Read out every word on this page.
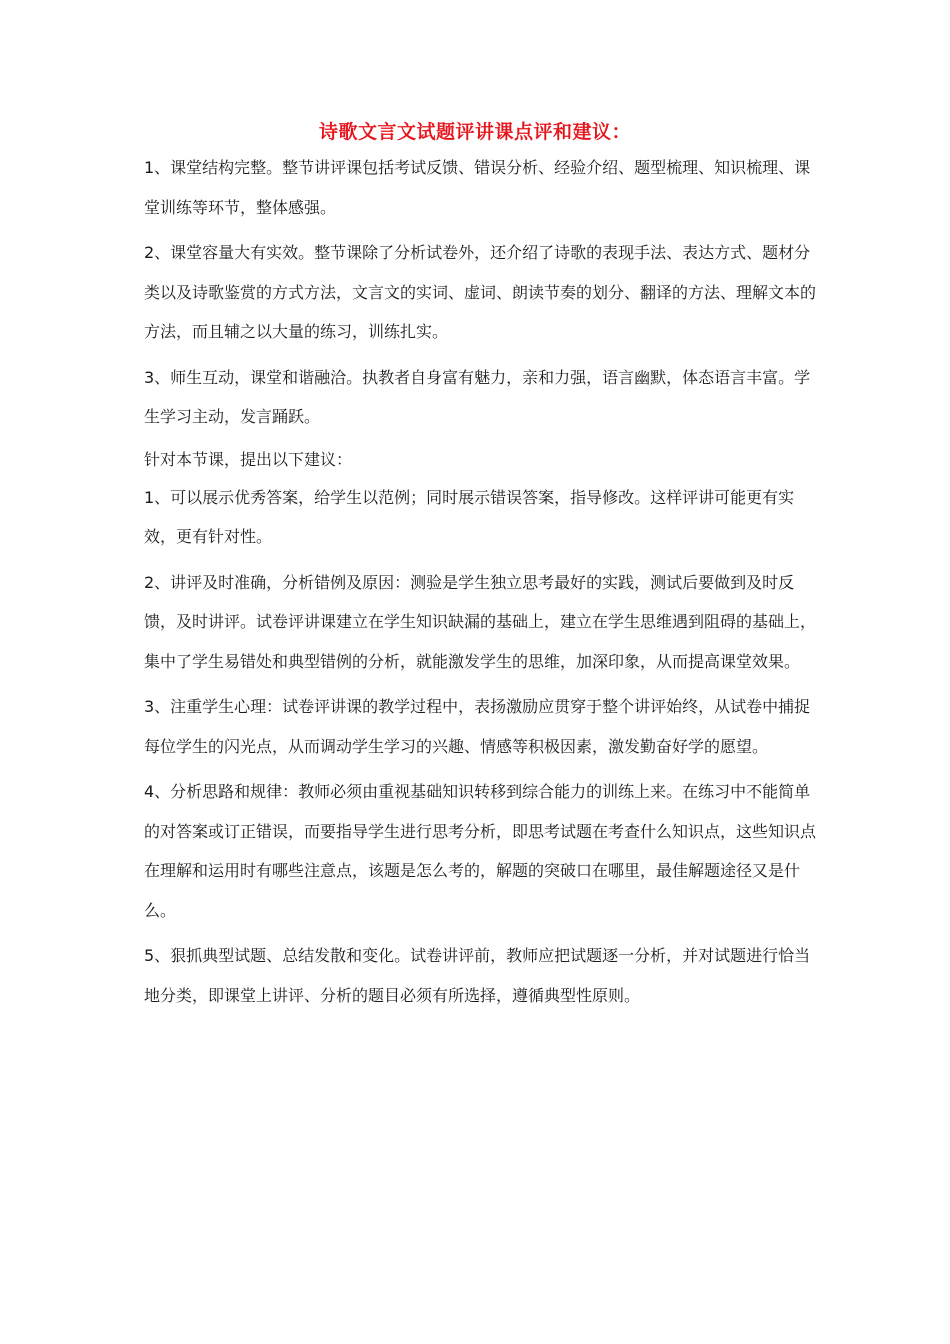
诗歌文言文试题评讲课点评和建议：

1、课堂结构完整。整节讲评课包括考试反馈、错误分析、经验介绍、题型梳理、知识梳理、课堂训练等环节，整体感强。

2、课堂容量大有实效。整节课除了分析试卷外，还介绍了诗歌的表现手法、表达方式、题材分类以及诗歌鉴赏的方式方法，文言文的实词、虚词、朗读节奏的划分、翻译的方法、理解文本的方法，而且辅之以大量的练习，训练扎实。

3、师生互动，课堂和谐融洽。执教者自身富有魅力，亲和力强，语言幽默，体态语言丰富。学生学习主动，发言踊跃。

针对本节课，提出以下建议：

1、可以展示优秀答案，给学生以范例；同时展示错误答案，指导修改。这样评讲可能更有实效，更有针对性。

2、讲评及时准确，分析错例及原因：测验是学生独立思考最好的实践，测试后要做到及时反馈，及时讲评。试卷评讲课建立在学生知识缺漏的基础上，建立在学生思维遇到阻碍的基础上，集中了学生易错处和典型错例的分析，就能激发学生的思维，加深印象，从而提高课堂效果。

3、注重学生心理：试卷评讲课的教学过程中，表扬激励应贯穿于整个讲评始终，从试卷中捕捉每位学生的闪光点，从而调动学生学习的兴趣、情感等积极因素，激发勤奋好学的愿望。

4、分析思路和规律：教师必须由重视基础知识转移到综合能力的训练上来。在练习中不能简单的对答案或订正错误，而要指导学生进行思考分析，即思考试题在考查什么知识点，这些知识点在理解和运用时有哪些注意点，该题是怎么考的，解题的突破口在哪里，最佳解题途径又是什么。

5、狠抓典型试题、总结发散和变化。试卷讲评前，教师应把试题逐一分析，并对试题进行恰当地分类，即课堂上讲评、分析的题目必须有所选择，遵循典型性原则。
